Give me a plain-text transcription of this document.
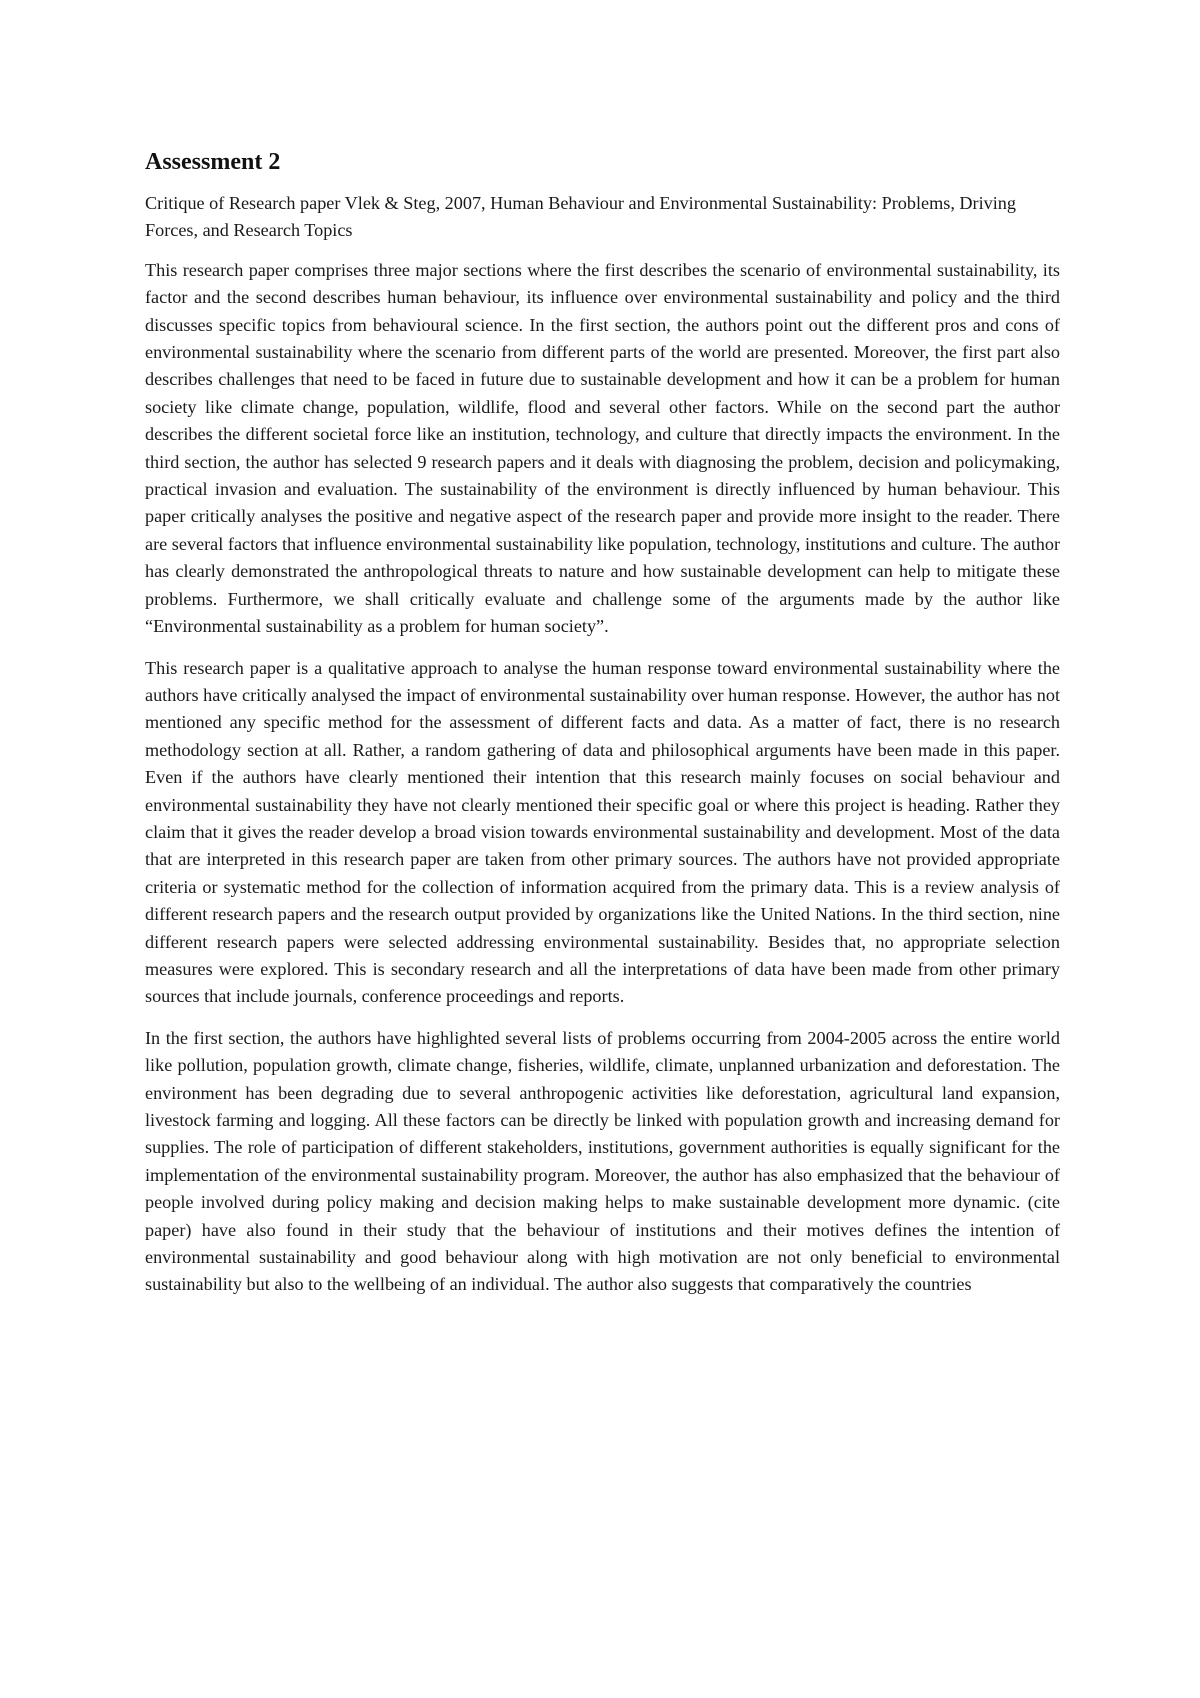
Assessment 2

Critique of Research paper Vlek & Steg, 2007, Human Behaviour and Environmental Sustainability: Problems, Driving Forces, and Research Topics

This research paper comprises three major sections where the first describes the scenario of environmental sustainability, its factor and the second describes human behaviour, its influence over environmental sustainability and policy and the third discusses specific topics from behavioural science. In the first section, the authors point out the different pros and cons of environmental sustainability where the scenario from different parts of the world are presented. Moreover, the first part also describes challenges that need to be faced in future due to sustainable development and how it can be a problem for human society like climate change, population, wildlife, flood and several other factors. While on the second part the author describes the different societal force like an institution, technology, and culture that directly impacts the environment. In the third section, the author has selected 9 research papers and it deals with diagnosing the problem, decision and policymaking, practical invasion and evaluation. The sustainability of the environment is directly influenced by human behaviour. This paper critically analyses the positive and negative aspect of the research paper and provide more insight to the reader. There are several factors that influence environmental sustainability like population, technology, institutions and culture. The author has clearly demonstrated the anthropological threats to nature and how sustainable development can help to mitigate these problems. Furthermore, we shall critically evaluate and challenge some of the arguments made by the author like “Environmental sustainability as a problem for human society”.

This research paper is a qualitative approach to analyse the human response toward environmental sustainability where the authors have critically analysed the impact of environmental sustainability over human response. However, the author has not mentioned any specific method for the assessment of different facts and data. As a matter of fact, there is no research methodology section at all. Rather, a random gathering of data and philosophical arguments have been made in this paper. Even if the authors have clearly mentioned their intention that this research mainly focuses on social behaviour and environmental sustainability they have not clearly mentioned their specific goal or where this project is heading. Rather they claim that it gives the reader develop a broad vision towards environmental sustainability and development. Most of the data that are interpreted in this research paper are taken from other primary sources. The authors have not provided appropriate criteria or systematic method for the collection of information acquired from the primary data. This is a review analysis of different research papers and the research output provided by organizations like the United Nations. In the third section, nine different research papers were selected addressing environmental sustainability. Besides that, no appropriate selection measures were explored. This is secondary research and all the interpretations of data have been made from other primary sources that include journals, conference proceedings and reports.

In the first section, the authors have highlighted several lists of problems occurring from 2004-2005 across the entire world like pollution, population growth, climate change, fisheries, wildlife, climate, unplanned urbanization and deforestation. The environment has been degrading due to several anthropogenic activities like deforestation, agricultural land expansion, livestock farming and logging. All these factors can be directly be linked with population growth and increasing demand for supplies. The role of participation of different stakeholders, institutions, government authorities is equally significant for the implementation of the environmental sustainability program. Moreover, the author has also emphasized that the behaviour of people involved during policy making and decision making helps to make sustainable development more dynamic. (cite paper) have also found in their study that the behaviour of institutions and their motives defines the intention of environmental sustainability and good behaviour along with high motivation are not only beneficial to environmental sustainability but also to the wellbeing of an individual. The author also suggests that comparatively the countries
